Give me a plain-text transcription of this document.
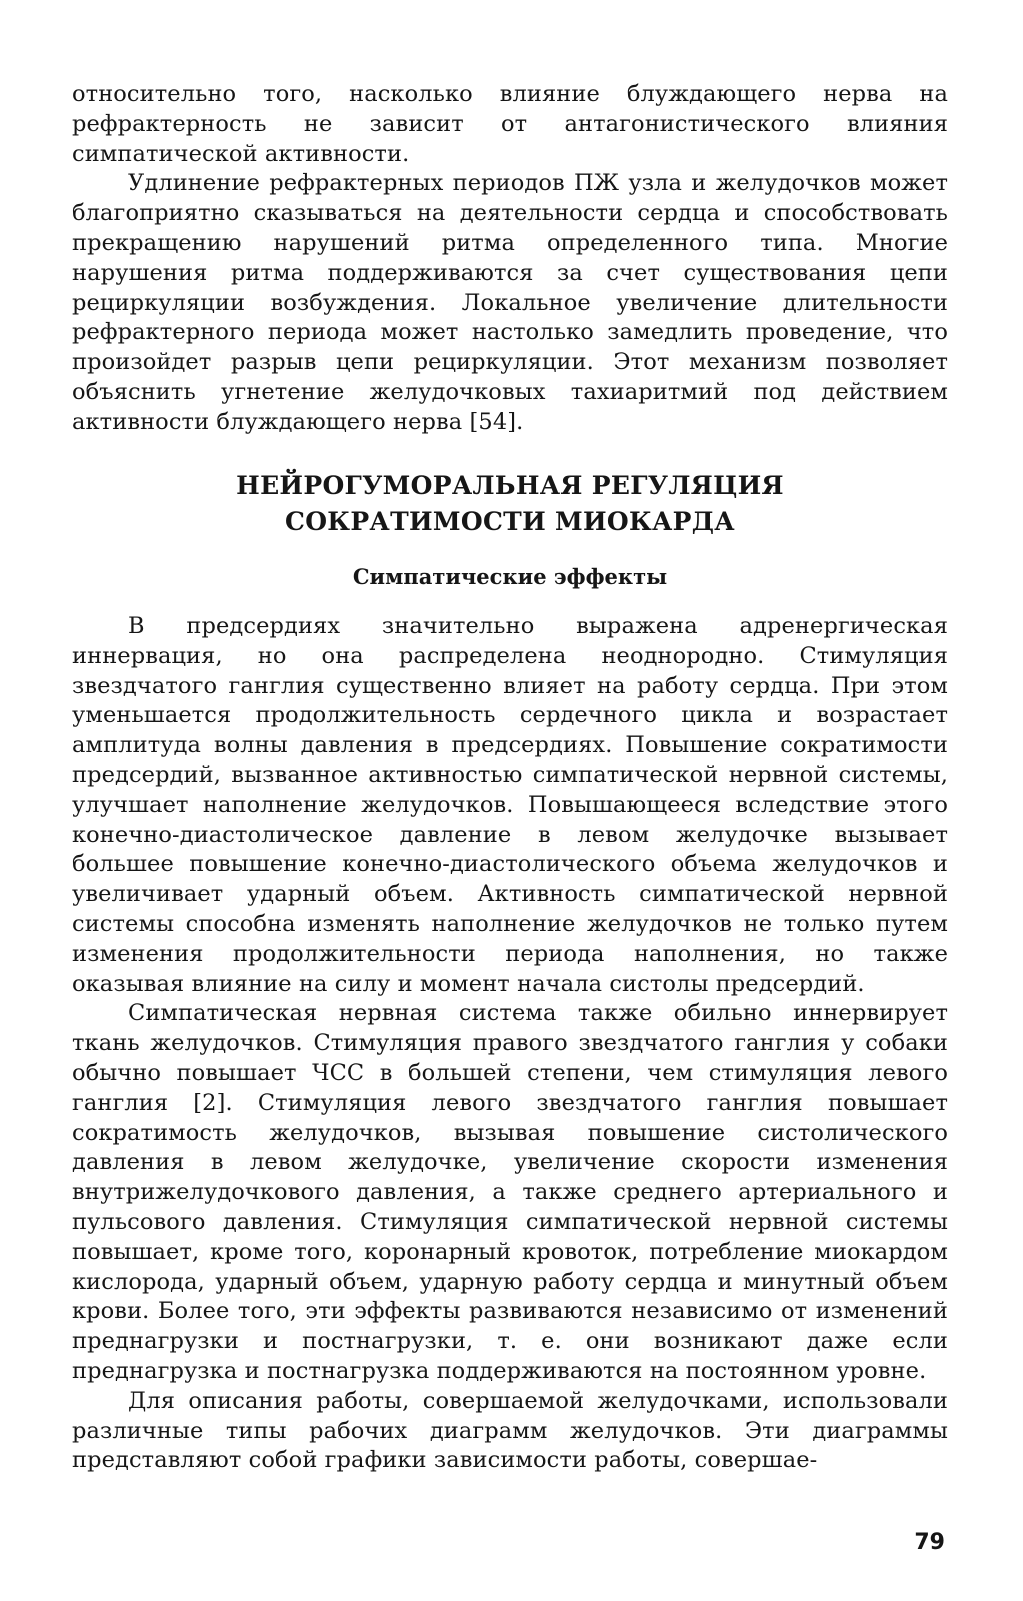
относительно того, насколько влияние блуждающего нерва на рефрактерность не зависит от антагонистического влияния симпатической активности.

Удлинение рефрактерных периодов ПЖ узла и желудочков может благоприятно сказываться на деятельности сердца и способствовать прекращению нарушений ритма определенного типа. Многие нарушения ритма поддерживаются за счет существования цепи рециркуляции возбуждения. Локальное увеличение длительности рефрактерного периода может настолько замедлить проведение, что произойдет разрыв цепи рециркуляции. Этот механизм позволяет объяснить угнетение желудочковых тахиаритмий под действием активности блуждающего нерва [54].

НЕЙРОГУМОРАЛЬНАЯ РЕГУЛЯЦИЯ
СОКРАТИМОСТИ МИОКАРДА
Симпатические эффекты

В предсердиях значительно выражена адренергическая иннервация, но она распределена неоднородно. Стимуляция звездчатого ганглия существенно влияет на работу сердца. При этом уменьшается продолжительность сердечного цикла и возрастает амплитуда волны давления в предсердиях. Повышение сократимости предсердий, вызванное активностью симпатической нервной системы, улучшает наполнение желудочков. Повышающееся вследствие этого конечно-диастолическое давление в левом желудочке вызывает большее повышение конечно-диастолического объема желудочков и увеличивает ударный объем. Активность симпатической нервной системы способна изменять наполнение желудочков не только путем изменения продолжительности периода наполнения, но также оказывая влияние на силу и момент начала систолы предсердий.

Симпатическая нервная система также обильно иннервирует ткань желудочков. Стимуляция правого звездчатого ганглия у собаки обычно повышает ЧСС в большей степени, чем стимуляция левого ганглия [2]. Стимуляция левого звездчатого ганглия повышает сократимость желудочков, вызывая повышение систолического давления в левом желудочке, увеличение скорости изменения внутрижелудочкового давления, а также среднего артериального и пульсового давления. Стимуляция симпатической нервной системы повышает, кроме того, коронарный кровоток, потребление миокардом кислорода, ударный объем, ударную работу сердца и минутный объем крови. Более того, эти эффекты развиваются независимо от изменений преднагрузки и постнагрузки, т. е. они возникают даже если преднагрузка и постнагрузка поддерживаются на постоянном уровне.

Для описания работы, совершаемой желудочками, использовали различные типы рабочих диаграмм желудочков. Эти диаграммы представляют собой графики зависимости работы, совершае-

79
